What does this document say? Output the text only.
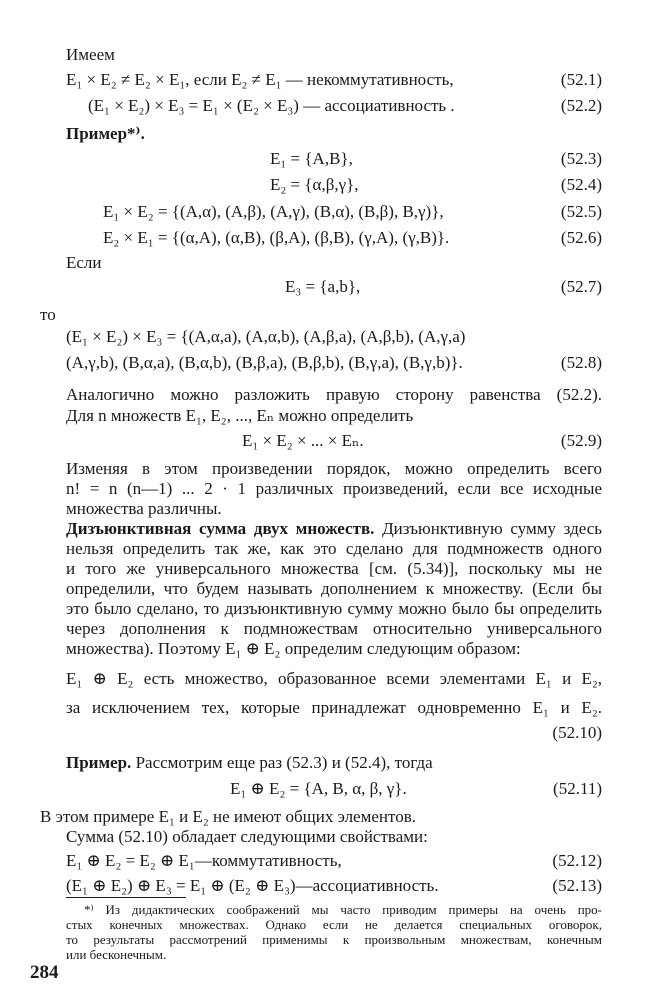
Имеем
E₁ × E₂ ≠ E₂ × E₁, если E₂ ≠ E₁ — некоммутативность,	(52.1)
(E₁ × E₂) × E₃ = E₁ × (E₂ × E₃) — ассоциативность .	(52.2)
Пример*⁾.
E₁ = {A,B},	(52.3)
E₂ = {α,β,γ},	(52.4)
E₁ × E₂ = {(A,α), (A,β), (A,γ), (B,α), (B,β), B,γ)},	(52.5)
E₂ × E₁ = {(α,A), (α,B), (β,A), (β,B), (γ,A), (γ,B)}.	(52.6)
Если
E₃ = {a,b},	(52.7)
то
(E₁ × E₂) × E₃ = {(A,α,a), (A,α,b), (A,β,a), (A,β,b), (A,γ,a)
(A,γ,b), (B,α,a), (B,α,b), (B,β,a), (B,β,b), (B,γ,a), (B,γ,b)}.	(52.8)
Аналогично можно разложить правую сторону равенства (52.2).
Для n множеств E₁, E₂, ..., Eₙ можно определить
E₁ × E₂ × ... × Eₙ.	(52.9)
Изменяя в этом произведении порядок, можно определить всего
n! = n (n—1) ... 2 · 1 различных произведений, если все исходные
множества различны.
Дизъюнктивная сумма двух множеств. Дизъюнктивную сумму здесь
нельзя определить так же, как это сделано для подмножеств одного
и того же универсального множества [см. (5.34)], поскольку мы не
определили, что будем называть дополнением к множеству. (Если бы
это было сделано, то дизъюнктивную сумму можно было бы определить
через дополнения к подмножествам относительно универсального
множества). Поэтому E₁ ⊕ E₂ определим следующим образом:
E₁ ⊕ E₂ есть множество, образованное всеми элементами E₁ и E₂,
за исключением тех, которые принадлежат одновременно E₁ и E₂.
(52.10)
Пример. Рассмотрим еще раз (52.3) и (52.4), тогда
E₁ ⊕ E₂ = {A, B, α, β, γ}.	(52.11)
В этом примере E₁ и E₂ не имеют общих элементов.
Сумма (52.10) обладает следующими свойствами:
E₁ ⊕ E₂ = E₂ ⊕ E₁—коммутативность,	(52.12)
(E₁ ⊕ E₂) ⊕ E₃ = E₁ ⊕ (E₂ ⊕ E₃)—ассоциативность.	(52.13)
*⁾ Из дидактических соображений мы часто приводим примеры на очень про-
стых конечных множествах. Однако если не делается специальных оговорок,
то результаты рассмотрений применимы к произвольным множествам, конечным
или бесконечным.
284
